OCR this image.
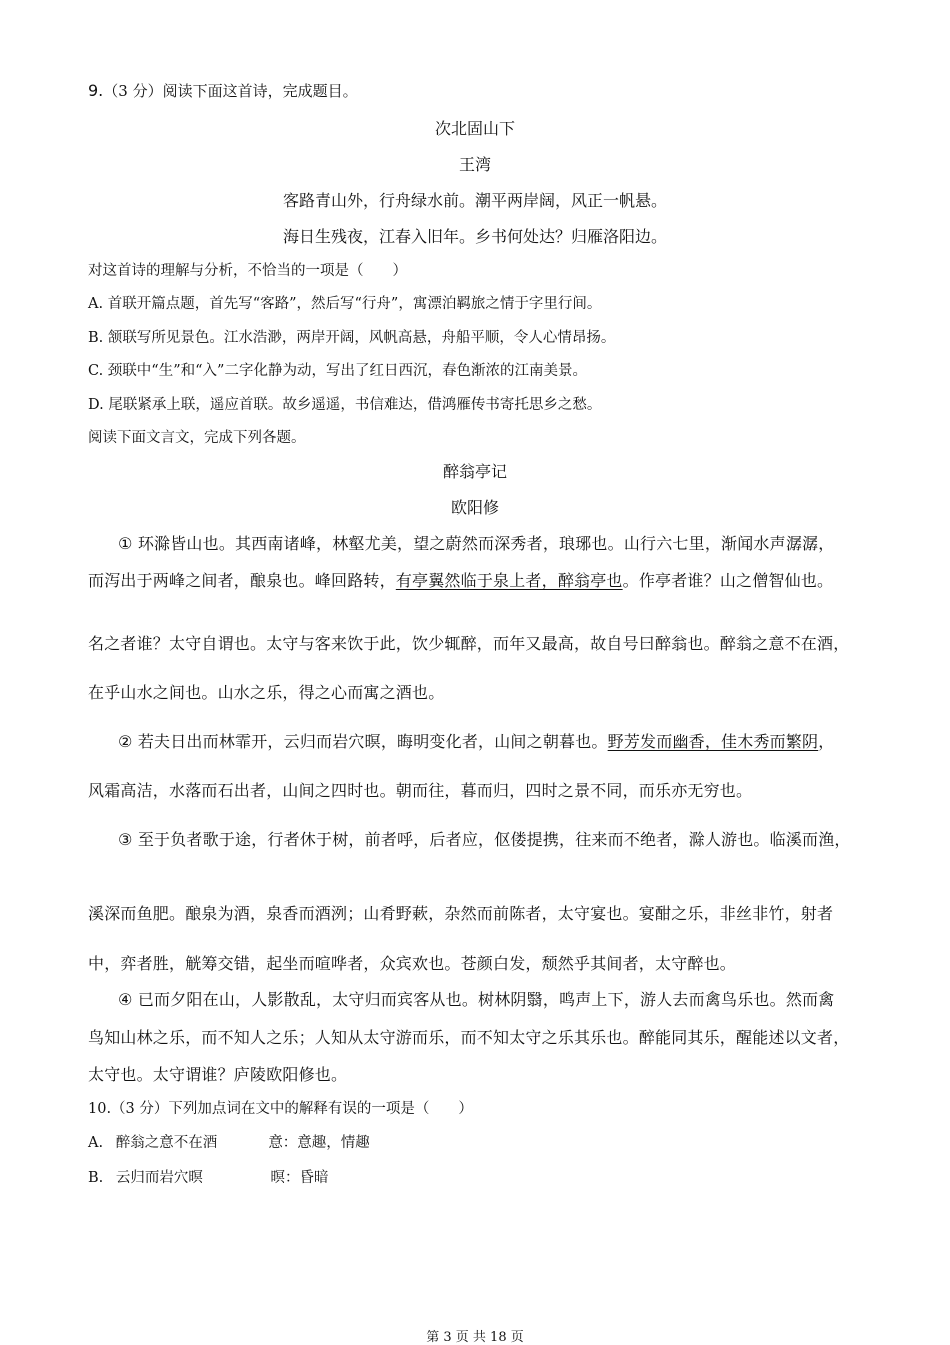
9.（3 分）阅读下面这首诗，完成题目。
次北固山下
王湾
客路青山外，行舟绿水前。潮平两岸阔，风正一帆悬。
海日生残夜，江春入旧年。乡书何处达？归雁洛阳边。
对这首诗的理解与分析，不恰当的一项是（　　）
A. 首联开篇点题，首先写“客路”，然后写“行舟”，寓漂泊羁旅之情于字里行间。
B. 颔联写所见景色。江水浩渺，两岸开阔，风帆高悬，舟船平顺，令人心情昂扬。
C. 颈联中“生”和“入”二字化静为动，写出了红日西沉，春色渐浓的江南美景。
D. 尾联紧承上联，遥应首联。故乡遥遥，书信难达，借鸿雁传书寄托思乡之愁。
阅读下面文言文，完成下列各题。
醉翁亭记
欧阳修
① 环滁皆山也。其西南诸峰，林壑尤美，望之蔚然而深秀者，琅琊也。山行六七里，渐闻水声潺潺，
而泻出于两峰之间者，酿泉也。峰回路转，有亭翼然临于泉上者，醉翁亭也。作亭者谁？山之僧智仙也。
名之者谁？太守自谓也。太守与客来饮于此，饮少辄醉，而年又最高，故自号曰醉翁也。醉翁之意不在酒，
在乎山水之间也。山水之乐，得之心而寓之酒也。
② 若夫日出而林霏开，云归而岩穴暝，晦明变化者，山间之朝暮也。野芳发而幽香，佳木秀而繁阴，
风霜高洁，水落而石出者，山间之四时也。朝而往，暮而归，四时之景不同，而乐亦无穷也。
③ 至于负者歌于途，行者休于树，前者呼，后者应，伛偻提携，往来而不绝者，滁人游也。临溪而渔，
溪深而鱼肥。酿泉为酒，泉香而酒洌；山肴野蔌，杂然而前陈者，太守宴也。宴酣之乐，非丝非竹，射者
中，弈者胜，觥筹交错，起坐而喧哗者，众宾欢也。苍颜白发，颓然乎其间者，太守醉也。
④ 已而夕阳在山，人影散乱，太守归而宾客从也。树林阴翳，鸣声上下，游人去而禽鸟乐也。然而禽
鸟知山林之乐，而不知人之乐；人知从太守游而乐，而不知太守之乐其乐也。醉能同其乐，醒能述以文者，
太守也。太守谓谁？庐陵欧阳修也。
10.（3 分）下列加点词在文中的解释有误的一项是（　　）
A. 醉翁之意不在酒	意：意趣，情趣
B. 云归而岩穴暝	暝：昏暗
第 3 页 共 18 页
